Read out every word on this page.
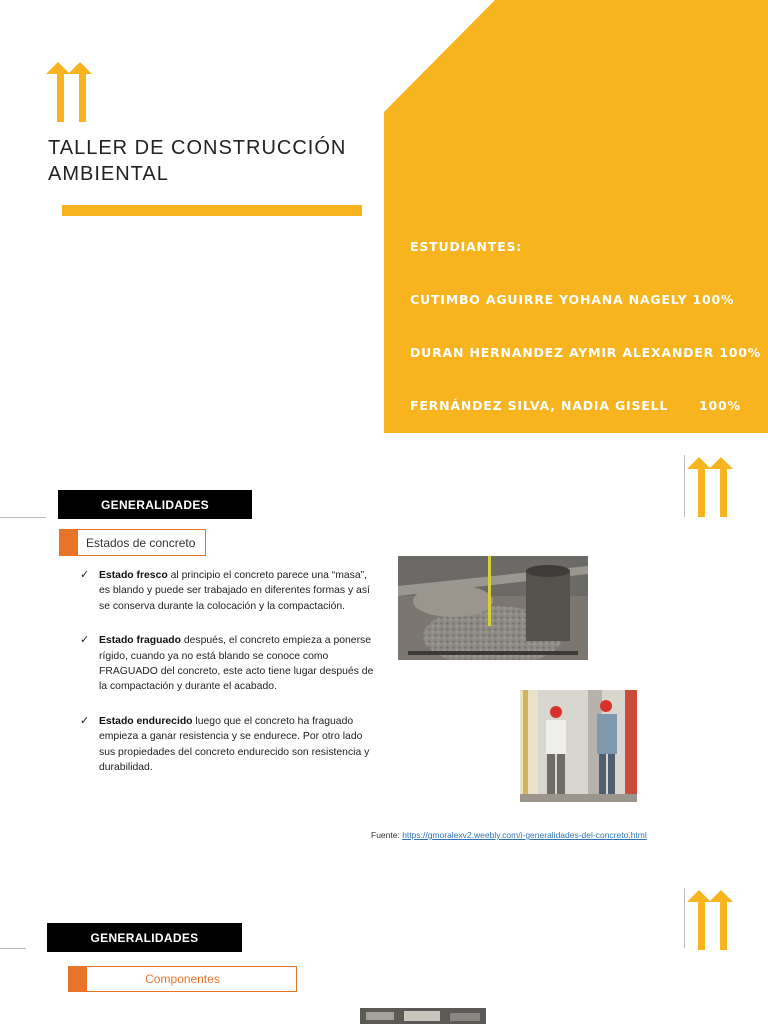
TALLER DE CONSTRUCCIÓN
AMBIENTAL

ESTUDIANTES:

CUTIMBO AGUIRRE YOHANA NAGELY 100%

DURAN HERNANDEZ AYMIR ALEXANDER 100%

FERNÁNDEZ SILVA, NADIA GISELL      100%

AVILA MARIN, ANGILORENA    100%

GENERALIDADES
Estados de concreto
✓ Estado fresco al principio el concreto parece una “masa”, es blando y puede ser trabajado en diferentes formas y así se conserva durante la colocación y la compactación.
✓ Estado fraguado después, el concreto empieza a ponerse rígido, cuando ya no está blando se conoce como FRAGUADO del concreto, este acto tiene lugar después de la compactación y durante el acabado.
✓ Estado endurecido luego que el concreto ha fraguado empieza a ganar resistencia y se endurece. Por otro lado sus propiedades del concreto endurecido son resistencia y durabilidad.
Fuente: https://gmoralexv2.weebly.com/i-generalidades-del-concreto.html
GENERALIDADES
Componentes
